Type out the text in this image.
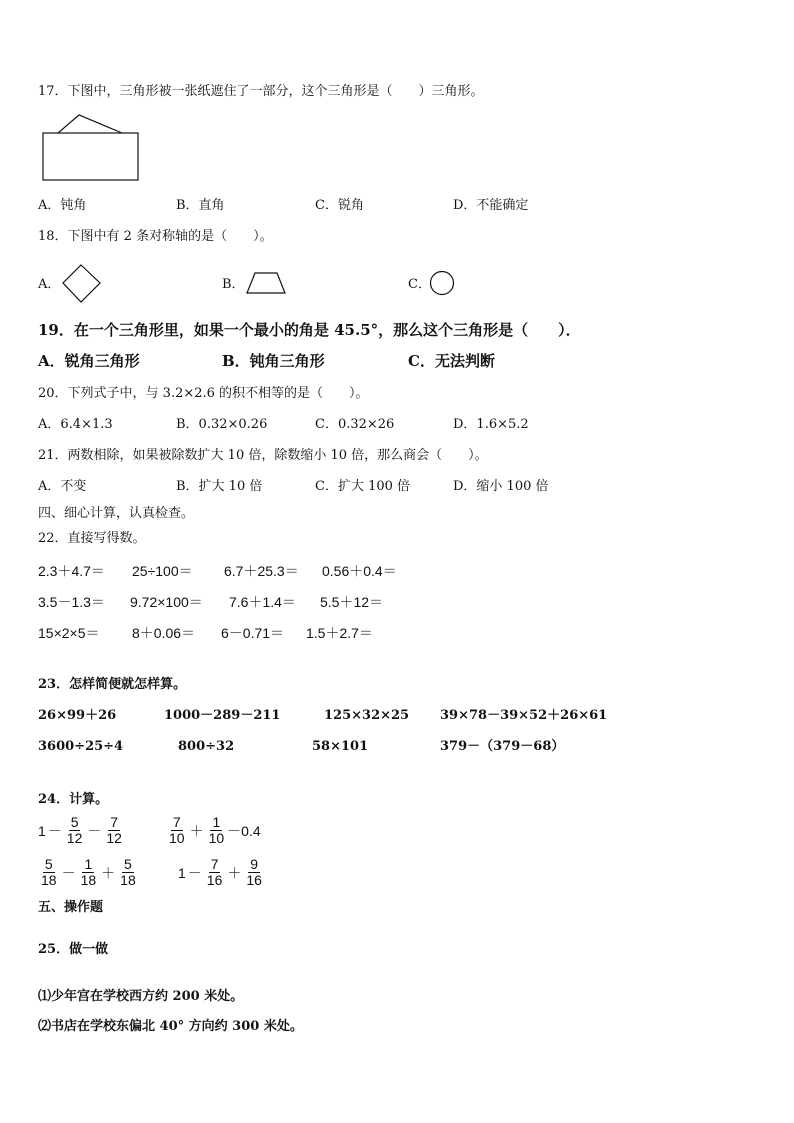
17．下图中，三角形被一张纸遮住了一部分，这个三角形是（　　）三角形。
A．钝角	B．直角	C．锐角	D．不能确定
18．下图中有 2 条对称轴的是（　　）。
A．	B．	C．
19．在一个三角形里，如果一个最小的角是 45.5°，那么这个三角形是（　　）．
A．锐角三角形	B．钝角三角形	C．无法判断
20．下列式子中，与 3.2×2.6 的积不相等的是（　　）。
A．6.4×1.3	B．0.32×0.26	C．0.32×26	D．1.6×5.2
21．两数相除，如果被除数扩大 10 倍，除数缩小 10 倍，那么商会（　　）。
A．不变	B．扩大 10 倍	C．扩大 100 倍	D．缩小 100 倍
四、细心计算，认真检查。
22．直接写得数。
2.3＋4.7＝ 25÷100＝ 6.7＋25.3＝ 0.56＋0.4＝
3.5－1.3＝ 9.72×100＝ 7.6＋1.4＝ 5.5＋12＝
15×2×5＝ 8＋0.06＝ 6－0.71＝ 1.5＋2.7＝
23．怎样简便就怎样算。
26×99＋26	1000－289－211	125×32×25 39×78－39×52＋26×61
3600÷25÷4	800÷32	58×101	379－（379－68）
24．计算。
$1 - \frac{5}{12} - \frac{7}{12}$	$\frac{7}{10} + \frac{1}{10} -0.4$
$\frac{5}{18} - \frac{1}{18} + \frac{5}{18}$	$1 - \frac{7}{16} + \frac{9}{16}$
五、操作题
25．做一做
⑴少年宫在学校西方约 200 米处。
⑵书店在学校东偏北 40° 方向约 300 米处。
